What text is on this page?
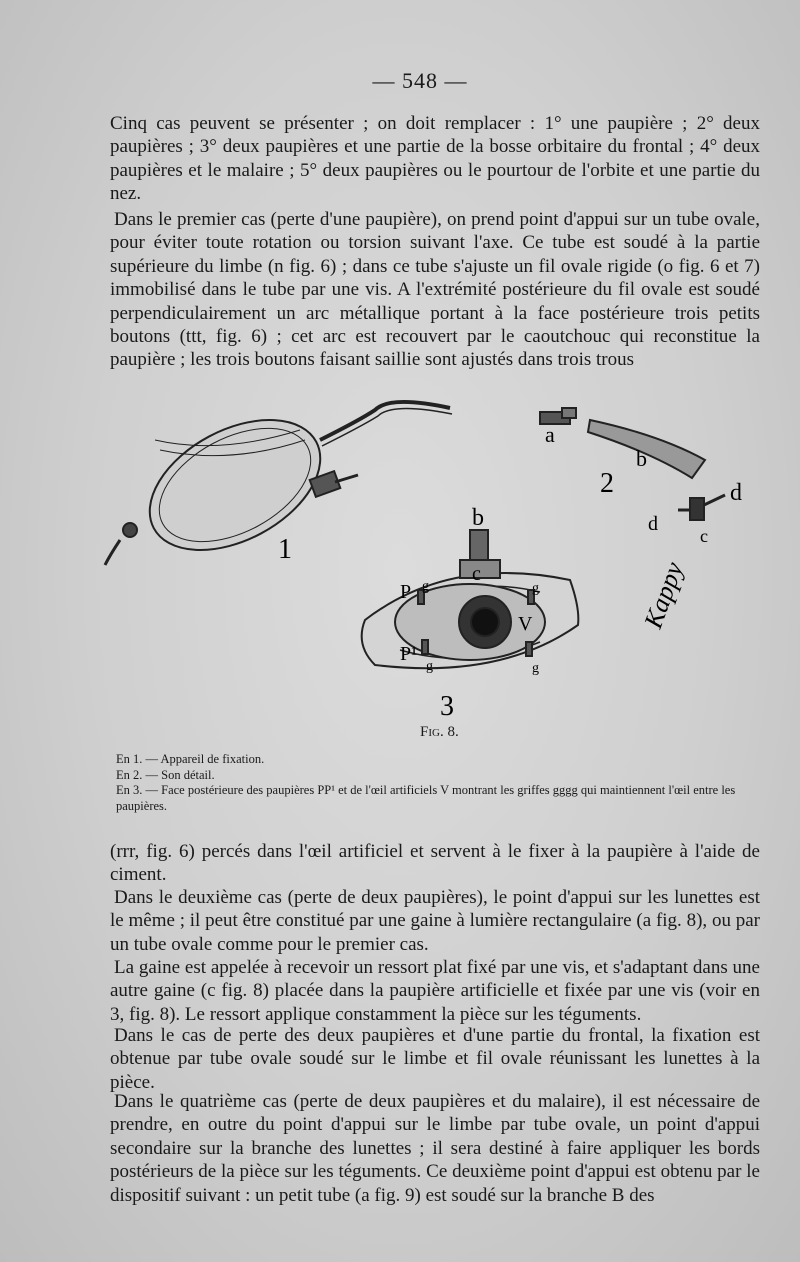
— 548 —

Cinq cas peuvent se présenter ; on doit remplacer : 1° une paupière ; 2° deux paupières ; 3° deux paupières et une partie de la bosse orbitaire du frontal ; 4° deux paupières et le malaire ; 5° deux paupières ou le pourtour de l'orbite et une partie du nez.

Dans le premier cas (perte d'une paupière), on prend point d'appui sur un tube ovale, pour éviter toute rotation ou torsion suivant l'axe. Ce tube est soudé à la partie supérieure du limbe (n fig. 6) ; dans ce tube s'ajuste un fil ovale rigide (o fig. 6 et 7) immobilisé dans le tube par une vis. A l'extrémité postérieure du fil ovale est soudé perpendiculairement un arc métallique portant à la face postérieure trois petits boutons (ttt, fig. 6) ; cet arc est recouvert par le caoutchouc qui reconstitue la paupière ; les trois boutons faisant saillie sont ajustés dans trois trous

1
a
b
2
d
d
c
b
c
P
P¹
V
g	g
g	g
3
Kappy
Fig. 8.
En 1. — Appareil de fixation.
En 2. — Son détail.
En 3. — Face postérieure des paupières PP¹ et de l'œil artificiels V montrant les griffes gggg qui maintiennent l'œil entre les paupières.

(rrr, fig. 6) percés dans l'œil artificiel et servent à le fixer à la paupière à l'aide de ciment.

Dans le deuxième cas (perte de deux paupières), le point d'appui sur les lunettes est le même ; il peut être constitué par une gaine à lumière rectangulaire (a fig. 8), ou par un tube ovale comme pour le premier cas.

La gaine est appelée à recevoir un ressort plat fixé par une vis, et s'adaptant dans une autre gaine (c fig. 8) placée dans la paupière artificielle et fixée par une vis (voir en 3, fig. 8). Le ressort applique constamment la pièce sur les téguments.

Dans le cas de perte des deux paupières et d'une partie du frontal, la fixation est obtenue par tube ovale soudé sur le limbe et fil ovale réunissant les lunettes à la pièce.

Dans le quatrième cas (perte de deux paupières et du malaire), il est nécessaire de prendre, en outre du point d'appui sur le limbe par tube ovale, un point d'appui secondaire sur la branche des lunettes ; il sera destiné à faire appliquer les bords postérieurs de la pièce sur les téguments. Ce deuxième point d'appui est obtenu par le dispositif suivant : un petit tube (a fig. 9) est soudé sur la branche B des
